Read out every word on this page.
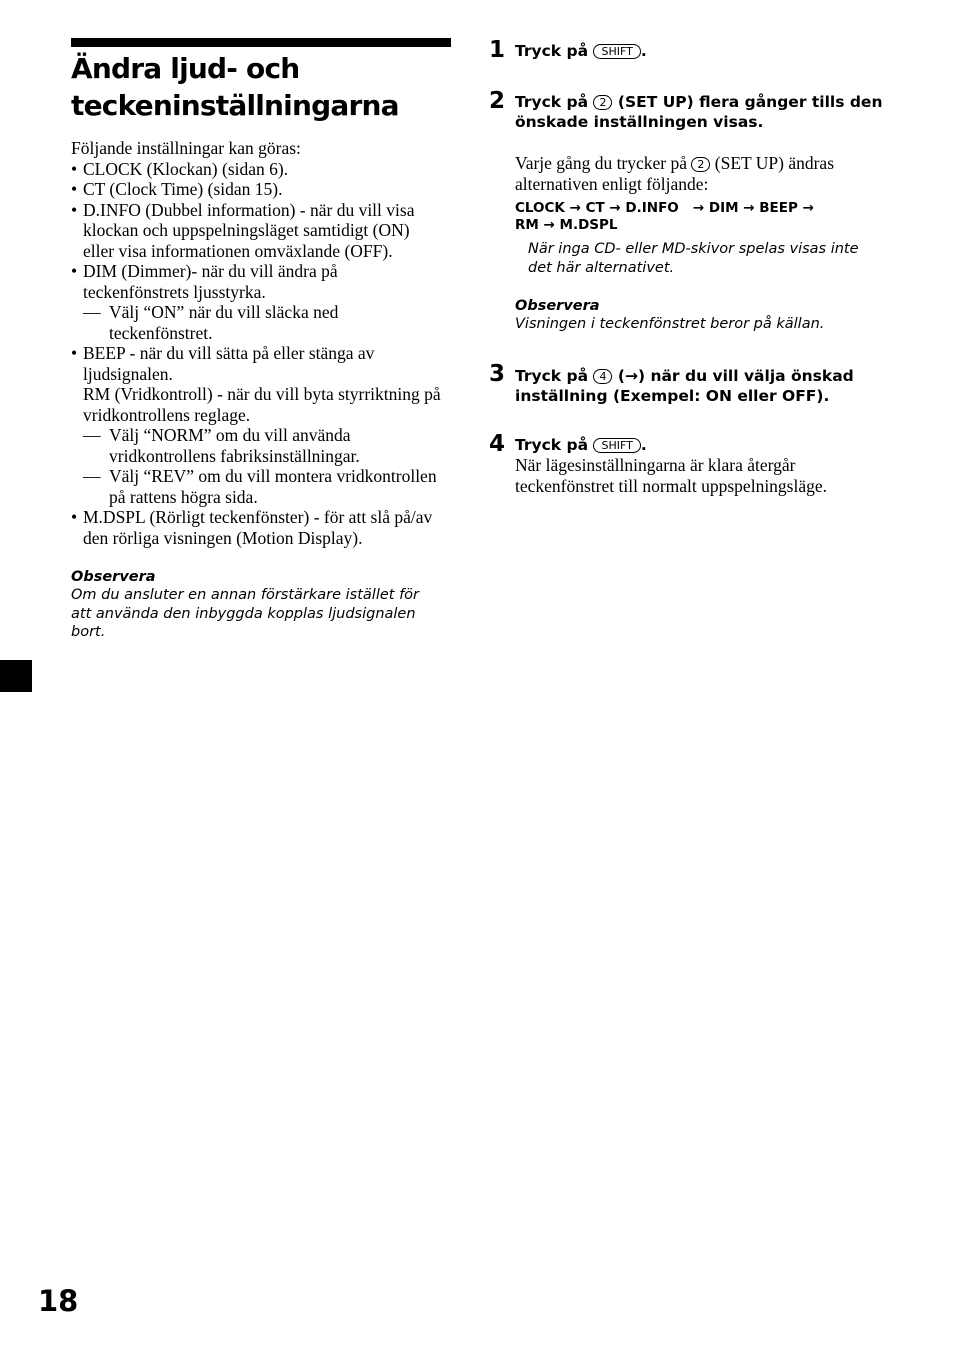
Ändra ljud- och teckeninställningarna
Följande inställningar kan göras:
• CLOCK (Klockan) (sidan 6).
• CT (Clock Time) (sidan 15).
• D.INFO (Dubbel information) - när du vill visa klockan och uppspelningsläget samtidigt (ON) eller visa informationen omväxlande (OFF).
• DIM (Dimmer)- när du vill ändra på teckenfönstrets ljusstyrka.
— Välj “ON” när du vill släcka ned teckenfönstret.
• BEEP - när du vill sätta på eller stänga av ljudsignalen.
RM (Vridkontroll) - när du vill byta styrriktning på vridkontrollens reglage.
— Välj “NORM” om du vill använda vridkontrollens fabriksinställningar.
— Välj “REV” om du vill montera vridkontrollen på rattens högra sida.
• M.DSPL (Rörligt teckenfönster) - för att slå på/av den rörliga visningen (Motion Display).
Observera
Om du ansluter en annan förstärkare istället för att använda den inbyggda kopplas ljudsignalen bort.
1 Tryck på SHIFT .
2 Tryck på 2 (SET UP) flera gånger tills den önskade inställningen visas.
Varje gång du trycker på 2 (SET UP) ändras alternativen enligt följande:
CLOCK → CT → D.INFO   → DIM → BEEP →
RM → M.DSPL
När inga CD- eller MD-skivor spelas visas inte det här alternativet.
Observera
Visningen i teckenfönstret beror på källan.
3 Tryck på 4 (→) när du vill välja önskad inställning (Exempel: ON eller OFF).
4 Tryck på SHIFT .
När lägesinställningarna är klara återgår teckenfönstret till normalt uppspelningsläge.
18
